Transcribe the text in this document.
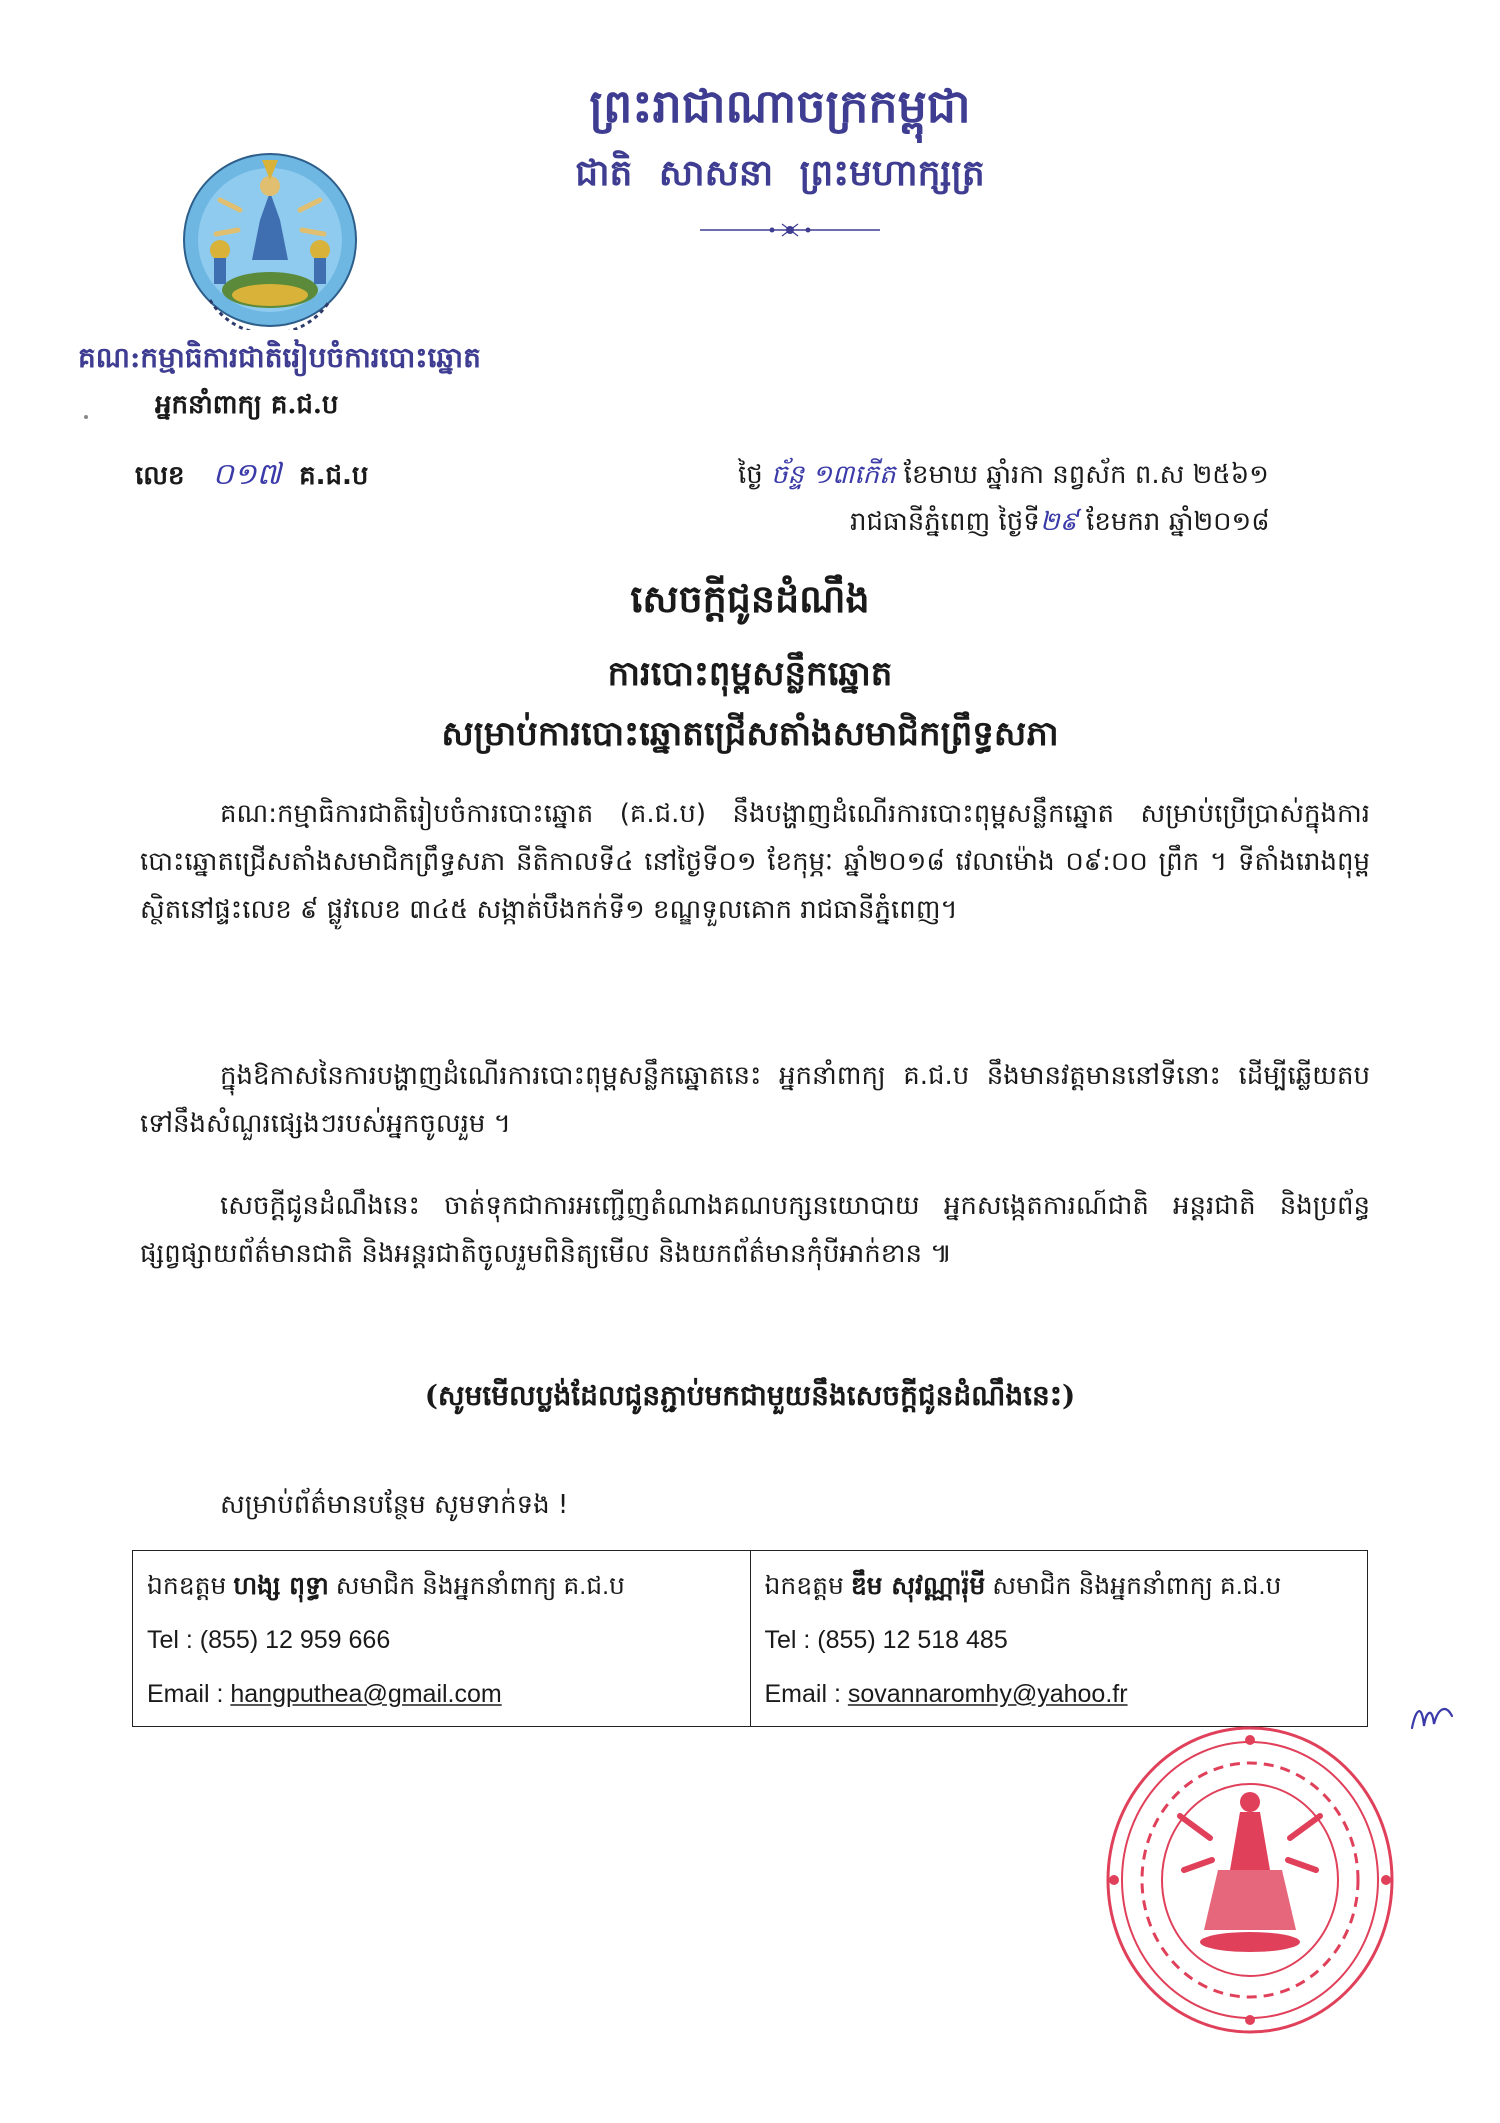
ព្រះរាជាណាចក្រកម្ពុជា
ជាតិ សាសនា ព្រះមហាក្សត្រ
គណ:កម្មាធិការជាតិរៀបចំការបោះឆ្នោត
អ្នកនាំពាក្យ គ.ជ.ប
លេខ ០១៧ គ.ជ.ប	ថ្ងៃ ច័ន្ទ ១៣កើត ខែមាឃ ឆ្នាំរកា នព្វស័ក ព.ស ២៥៦១
រាជធានីភ្នំពេញ ថ្ងៃទី២៩ ខែមករា ឆ្នាំ២០១៨
សេចក្តីជូនដំណឹង
ការបោះពុម្ពសន្លឹកឆ្នោត
សម្រាប់ការបោះឆ្នោតជ្រើសតាំងសមាជិកព្រឹទ្ធសភា
គណ:កម្មាធិការជាតិរៀបចំការបោះឆ្នោត (គ.ជ.ប) នឹងបង្ហាញដំណើរការបោះពុម្ពសន្លឹកឆ្នោត សម្រាប់ប្រើប្រាស់ក្នុងការបោះឆ្នោតជ្រើសតាំងសមាជិកព្រឹទ្ធសភា នីតិកាលទី៤ នៅថ្ងៃទី០១ ខែកុម្ភៈ ឆ្នាំ២០១៨ វេលាម៉ោង ០៩:០០ ព្រឹក ។ ទីតាំងរោងពុម្ពស្ថិតនៅផ្ទះលេខ ៩ ផ្លូវលេខ ៣៤៥ សង្កាត់បឹងកក់ទី១ ខណ្ឌទួលគោក រាជធានីភ្នំពេញ។
ក្នុងឱកាសនៃការបង្ហាញដំណើរការបោះពុម្ពសន្លឹកឆ្នោតនេះ អ្នកនាំពាក្យ គ.ជ.ប នឹងមានវត្តមាននៅទីនោះ ដើម្បីឆ្លើយតបទៅនឹងសំណួរផ្សេងៗរបស់អ្នកចូលរួម ។
សេចក្តីជូនដំណឹងនេះ ចាត់ទុកជាការអញ្ជើញតំណាងគណបក្សនយោបាយ អ្នកសង្កេតការណ៍ជាតិ អន្តរជាតិ និងប្រព័ន្ធផ្សព្វផ្សាយព័ត៌មានជាតិ និងអន្តរជាតិចូលរួមពិនិត្យមើល និងយកព័ត៌មានកុំបីអាក់ខាន ៕
(សូមមើលប្លង់ដែលជូនភ្ជាប់មកជាមួយនឹងសេចក្តីជូនដំណឹងនេះ)
សម្រាប់ព័ត៌មានបន្ថែម សូមទាក់ទង !
ឯកឧត្តម ហង្ស ពុទ្ធា សមាជិក និងអ្នកនាំពាក្យ គ.ជ.ប
Tel : (855) 12 959 666
Email : hangputhea@gmail.com
ឯកឧត្តម ឌឹម សុវណ្ណារ៉ុមី សមាជិក និងអ្នកនាំពាក្យ គ.ជ.ប
Tel : (855) 12 518 485
Email : sovannaromhy@yahoo.fr
